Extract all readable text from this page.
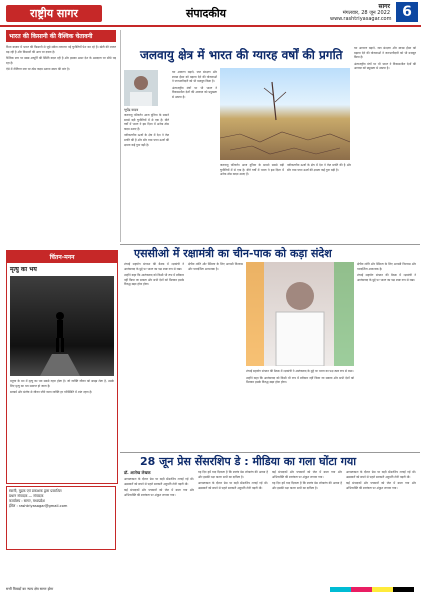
राष्ट्रीय सागर	संपादकीय
सागर
मंगलवार, 28 जून 2022
www.rashtriyasagar.com 6
भारत की किसानी की वैश्विक चेतावनी

विश्व बाज़ार में भारत की किसानी से जुड़े संकेत लगातार नई चुनौतियाँ पेश कर रहे हैं। खेती की लागत बढ़ रही है और किसानों की आय पर दबाव है।

वैश्विक स्तर पर खाद्य आपूर्ति की स्थिति बदल रही है और इसका असर देश के अन्नदाता पर सीधे पड़ रहा है।

ऐसे में नीतिगत स्तर पर ठोस कदम उठाना समय की मांग है।

जलवायु क्षेत्र में भारत की ग्यारह वर्षों की प्रगति
भूपेंद्र यादव

जलवायु परिवर्तन आज दुनिया के सामने सबसे बड़ी चुनौतियों में से एक है। बीते वर्षों में भारत ने इस दिशा में अनेक ठोस कदम उठाए हैं।

नवीकरणीय ऊर्जा के क्षेत्र में देश ने तेज़ प्रगति की है और सौर तथा पवन ऊर्जा की क्षमता कई गुना बढ़ी है।

वन आवरण बढ़ाने, जल संरक्षण और स्वच्छ ईंधन को बढ़ावा देने की योजनाओं ने जनभागीदारी को भी मज़बूत किया है।

अंतरराष्ट्रीय मंचों पर भी भारत ने विकासशील देशों की आवाज़ को प्रमुखता से उठाया है।

जलवायु परिवर्तन आज दुनिया के सामने सबसे बड़ी चुनौतियों में से एक है। बीते वर्षों में भारत ने इस दिशा में अनेक ठोस कदम उठाए हैं।

नवीकरणीय ऊर्जा के क्षेत्र में देश ने तेज़ प्रगति की है और सौर तथा पवन ऊर्जा की क्षमता कई गुना बढ़ी है।

वन आवरण बढ़ाने, जल संरक्षण और स्वच्छ ईंधन को बढ़ावा देने की योजनाओं ने जनभागीदारी को भी मज़बूत किया है।

अंतरराष्ट्रीय मंचों पर भी भारत ने विकासशील देशों की आवाज़ को प्रमुखता से उठाया है।

एससीओ में रक्षामंत्री का चीन-पाक को कड़ा संदेश
चिंतन-मनन
मृत्यु का भय

मनुष्य के मन में मृत्यु का भय सबसे गहरा होता है। जो व्यक्ति जीवन को समझ लेता है, उसके लिए मृत्यु का भय समाप्त हो जाता है।

सत्कर्म और संतोष से जीवन जीने वाला व्यक्ति हर परिस्थिति में शांत रहता है।

शंघाई सहयोग संगठन की बैठक में रक्षामंत्री ने आतंकवाद के मुद्दे पर भारत का पक्ष स्पष्ट रूप से रखा।

उन्होंने कहा कि आतंकवाद को किसी भी रूप में स्वीकार नहीं किया जा सकता और सभी देशों को मिलकर इसके विरुद्ध खड़ा होना होगा।

क्षेत्रीय शांति और स्थिरता के लिए आपसी विश्वास और पारदर्शिता आवश्यक है।

शंघाई सहयोग संगठन की बैठक में रक्षामंत्री ने आतंकवाद के मुद्दे पर भारत का पक्ष स्पष्ट रूप से रखा।

उन्होंने कहा कि आतंकवाद को किसी भी रूप में स्वीकार नहीं किया जा सकता और सभी देशों को मिलकर इसके विरुद्ध खड़ा होना होगा।

क्षेत्रीय शांति और स्थिरता के लिए आपसी विश्वास और पारदर्शिता आवश्यक है।

शंघाई सहयोग संगठन की बैठक में रक्षामंत्री ने आतंकवाद के मुद्दे पर भारत का पक्ष स्पष्ट रूप से रखा।

28 जून प्रेस सेंसरशिप डे : मीडिया का गला घोंटा गया
स्वामी, मुद्रक एवं प्रकाशक द्वारा प्रकाशित
प्रधान संपादक — संपादक
कार्यालय : सागर, मध्यप्रदेश
ईमेल : rashtriyasagar@gmail.com
डॉ. आलेख लेखक

आपातकाल के दौरान प्रेस पर कड़ी सेंसरशिप लगाई गई थी। अख़बारों को छपने से पहले सरकारी अनुमति लेनी पड़ती थी।

कई संपादकों और पत्रकारों को जेल में डाला गया और अभिव्यक्ति की स्वतंत्रता पर अंकुश लगाया गया।

यह दिन हमें याद दिलाता है कि स्वतंत्र प्रेस लोकतंत्र की आत्मा है और इसकी रक्षा करना सभी का दायित्व है।

आपातकाल के दौरान प्रेस पर कड़ी सेंसरशिप लगाई गई थी। अख़बारों को छपने से पहले सरकारी अनुमति लेनी पड़ती थी।

कई संपादकों और पत्रकारों को जेल में डाला गया और अभिव्यक्ति की स्वतंत्रता पर अंकुश लगाया गया।

यह दिन हमें याद दिलाता है कि स्वतंत्र प्रेस लोकतंत्र की आत्मा है और इसकी रक्षा करना सभी का दायित्व है।

आपातकाल के दौरान प्रेस पर कड़ी सेंसरशिप लगाई गई थी। अख़बारों को छपने से पहले सरकारी अनुमति लेनी पड़ती थी।

कई संपादकों और पत्रकारों को जेल में डाला गया और अभिव्यक्ति की स्वतंत्रता पर अंकुश लगाया गया।

सभी विवादों का न्याय क्षेत्र सागर होगा
